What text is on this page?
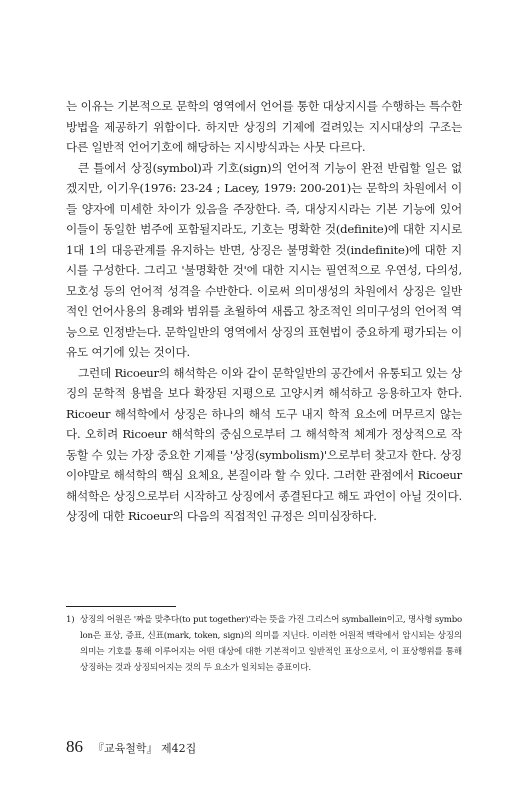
는 이유는 기본적으로 문학의 영역에서 언어를 통한 대상지시를 수행하는 특수한 방법을 제공하기 위함이다. 하지만 상징의 기제에 걸려있는 지시대상의 구조는 다른 일반적 언어기호에 해당하는 지시방식과는 사뭇 다르다.

큰 틀에서 상징(symbol)과 기호(sign)의 언어적 기능이 완전 반립할 일은 없겠지만, 이기우(1976: 23-24 ; Lacey, 1979: 200-201)는 문학의 차원에서 이들 양자에 미세한 차이가 있음을 주장한다. 즉, 대상지시라는 기본 기능에 있어 이들이 동일한 범주에 포함될지라도, 기호는 명확한 것(definite)에 대한 지시로 1대 1의 대응관계를 유지하는 반면, 상징은 불명확한 것(indefinite)에 대한 지시를 구성한다. 그리고 '불명확한 것'에 대한 지시는 필연적으로 우연성, 다의성, 모호성 등의 언어적 성격을 수반한다. 이로써 의미생성의 차원에서 상징은 일반적인 언어사용의 용례와 범위를 초월하여 새롭고 창조적인 의미구성의 언어적 역능으로 인정받는다. 문학일반의 영역에서 상징의 표현법이 중요하게 평가되는 이유도 여기에 있는 것이다.

그런데 Ricoeur의 해석학은 이와 같이 문학일반의 공간에서 유통되고 있는 상징의 문학적 용법을 보다 확장된 지평으로 고양시켜 해석하고 응용하고자 한다. Ricoeur 해석학에서 상징은 하나의 해석 도구 내지 학적 요소에 머무르지 않는다. 오히려 Ricoeur 해석학의 중심으로부터 그 해석학적 체계가 정상적으로 작동할 수 있는 가장 중요한 기제를 '상징(symbolism)'으로부터 찾고자 한다. 상징이야말로 해석학의 핵심 요체요, 본질이라 할 수 있다. 그러한 관점에서 Ricoeur 해석학은 상징으로부터 시작하고 상징에서 종결된다고 해도 과언이 아닐 것이다. 상징에 대한 Ricoeur의 다음의 직접적인 규정은 의미심장하다.

1) 상징의 어원은 '짜을 맞추다(to put together)'라는 뜻을 가진 그리스어 symballein이고, 명사형 symbolon은 표상, 증표, 신표(mark, token, sign)의 의미를 지닌다. 이러한 어원적 맥락에서 암시되는 상징의 의미는 기호를 통해 이루어지는 어떤 대상에 대한 기본적이고 일반적인 표상으로서, 이 표상행위를 통해 상징하는 것과 상징되어지는 것의 두 요소가 일치되는 증표이다.
86 『교육철학』 제42집
